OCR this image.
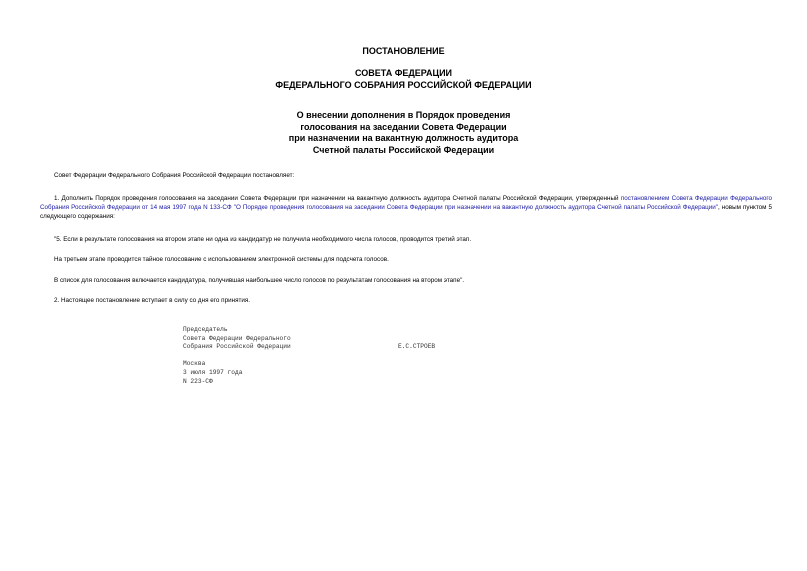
ПОСТАНОВЛЕНИЕ
СОВЕТА ФЕДЕРАЦИИ
ФЕДЕРАЛЬНОГО СОБРАНИЯ РОССИЙСКОЙ ФЕДЕРАЦИИ
О внесении дополнения в Порядок проведения
голосования на заседании Совета Федерации
при назначении на вакантную должность аудитора
Счетной палаты Российской Федерации
Совет Федерации Федерального Собрания Российской Федерации постановляет:
1. Дополнить Порядок проведения голосования на заседании Совета Федерации при назначении на вакантную должность аудитора Счетной палаты Российской Федерации, утвержденный постановлением Совета Федерации Федерального Собрания Российской Федерации от 14 мая 1997 года N 133-СФ "О Порядке проведения голосования на заседании Совета Федерации при назначении на вакантную должность аудитора Счетной палаты Российской Федерации", новым пунктом 5 следующего содержания:
"5. Если в результате голосования на втором этапе ни одна из кандидатур не получила необходимого числа голосов, проводится третий этап.
На третьем этапе проводится тайное голосование с использованием электронной системы для подсчета голосов.
В список для голосования включается кандидатура, получившая наибольшее число голосов по результатам голосования на втором этапе".
2. Настоящее постановление вступает в силу со дня его принятия.
Председатель
Совета Федерации Федерального
Собрания Российской Федерации	Е.С.СТРОЕВ
Москва
3 июля 1997 года
N 223-СФ
